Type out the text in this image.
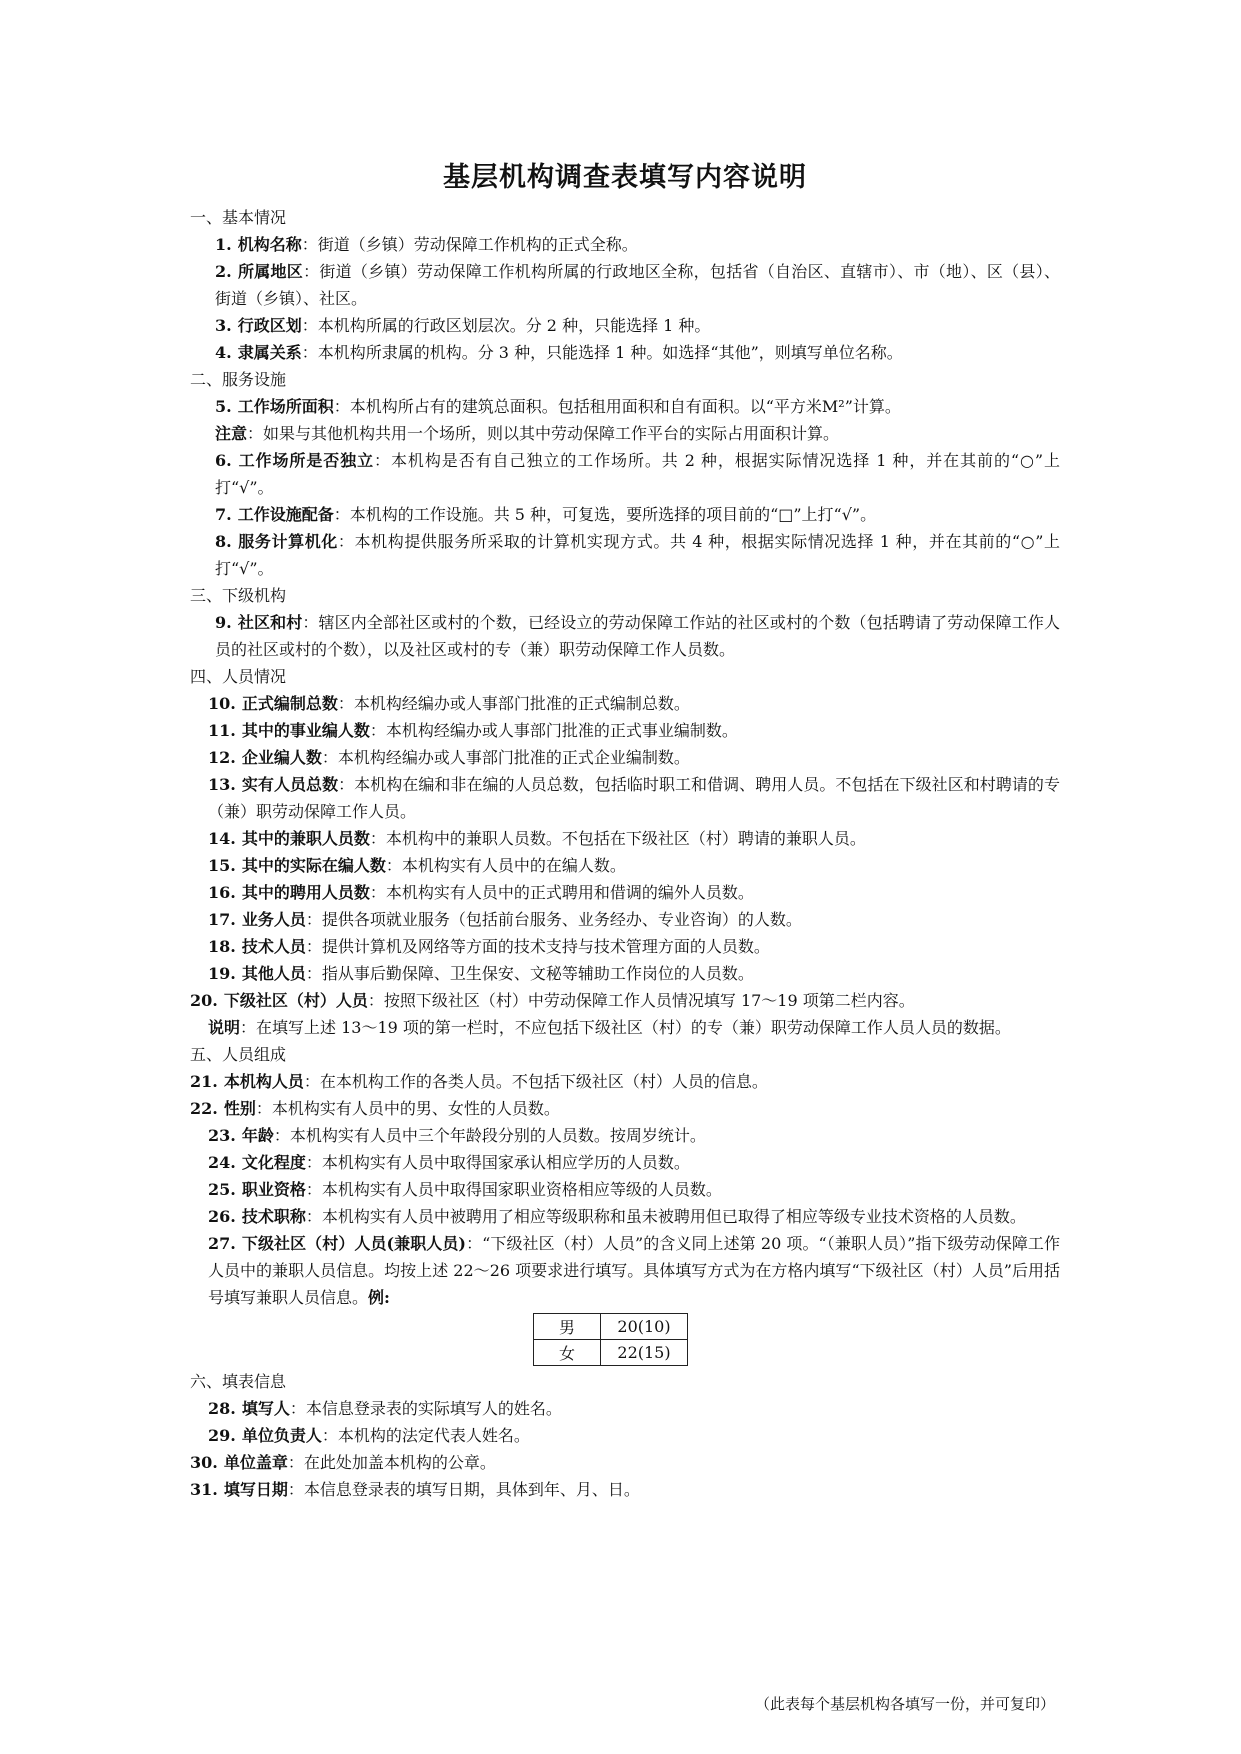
基层机构调查表填写内容说明
一、基本情况
1. 机构名称：街道（乡镇）劳动保障工作机构的正式全称。
2. 所属地区：街道（乡镇）劳动保障工作机构所属的行政地区全称，包括省（自治区、直辖市）、市（地）、区（县）、街道（乡镇）、社区。
3. 行政区划：本机构所属的行政区划层次。分 2 种，只能选择 1 种。
4. 隶属关系：本机构所隶属的机构。分 3 种，只能选择 1 种。如选择“其他”，则填写单位名称。
二、服务设施
5. 工作场所面积：本机构所占有的建筑总面积。包括租用面积和自有面积。以“平方米M²”计算。
注意：如果与其他机构共用一个场所，则以其中劳动保障工作平台的实际占用面积计算。
6. 工作场所是否独立：本机构是否有自己独立的工作场所。共 2 种，根据实际情况选择 1 种，并在其前的“○”上打“√”。
7. 工作设施配备：本机构的工作设施。共 5 种，可复选，要所选择的项目前的“□”上打“√”。
8. 服务计算机化：本机构提供服务所采取的计算机实现方式。共 4 种，根据实际情况选择 1 种，并在其前的“○”上打“√”。
三、下级机构
9. 社区和村：辖区内全部社区或村的个数，已经设立的劳动保障工作站的社区或村的个数（包括聘请了劳动保障工作人员的社区或村的个数），以及社区或村的专（兼）职劳动保障工作人员数。
四、人员情况
10. 正式编制总数：本机构经编办或人事部门批准的正式编制总数。
11. 其中的事业编人数：本机构经编办或人事部门批准的正式事业编制数。
12. 企业编人数：本机构经编办或人事部门批准的正式企业编制数。
13. 实有人员总数：本机构在编和非在编的人员总数，包括临时职工和借调、聘用人员。不包括在下级社区和村聘请的专（兼）职劳动保障工作人员。
14. 其中的兼职人员数：本机构中的兼职人员数。不包括在下级社区（村）聘请的兼职人员。
15. 其中的实际在编人数：本机构实有人员中的在编人数。
16. 其中的聘用人员数：本机构实有人员中的正式聘用和借调的编外人员数。
17. 业务人员：提供各项就业服务（包括前台服务、业务经办、专业咨询）的人数。
18. 技术人员：提供计算机及网络等方面的技术支持与技术管理方面的人员数。
19. 其他人员：指从事后勤保障、卫生保安、文秘等辅助工作岗位的人员数。
20. 下级社区（村）人员：按照下级社区（村）中劳动保障工作人员情况填写 17～19 项第二栏内容。
说明：在填写上述 13～19 项的第一栏时，不应包括下级社区（村）的专（兼）职劳动保障工作人员人员的数据。
五、人员组成
21. 本机构人员：在本机构工作的各类人员。不包括下级社区（村）人员的信息。
22. 性别：本机构实有人员中的男、女性的人员数。
23. 年龄：本机构实有人员中三个年龄段分别的人员数。按周岁统计。
24. 文化程度：本机构实有人员中取得国家承认相应学历的人员数。
25. 职业资格：本机构实有人员中取得国家职业资格相应等级的人员数。
26. 技术职称：本机构实有人员中被聘用了相应等级职称和虽未被聘用但已取得了相应等级专业技术资格的人员数。
27. 下级社区（村）人员(兼职人员)：“下级社区（村）人员”的含义同上述第 20 项。“（兼职人员）”指下级劳动保障工作人员中的兼职人员信息。均按上述 22～26 项要求进行填写。具体填写方式为在方格内填写“下级社区（村）人员”后用括号填写兼职人员信息。例:
男	20(10)
女	22(15)
六、填表信息
28. 填写人：本信息登录表的实际填写人的姓名。
29. 单位负责人：本机构的法定代表人姓名。
30. 单位盖章：在此处加盖本机构的公章。
31. 填写日期：本信息登录表的填写日期，具体到年、月、日。
（此表每个基层机构各填写一份，并可复印）
